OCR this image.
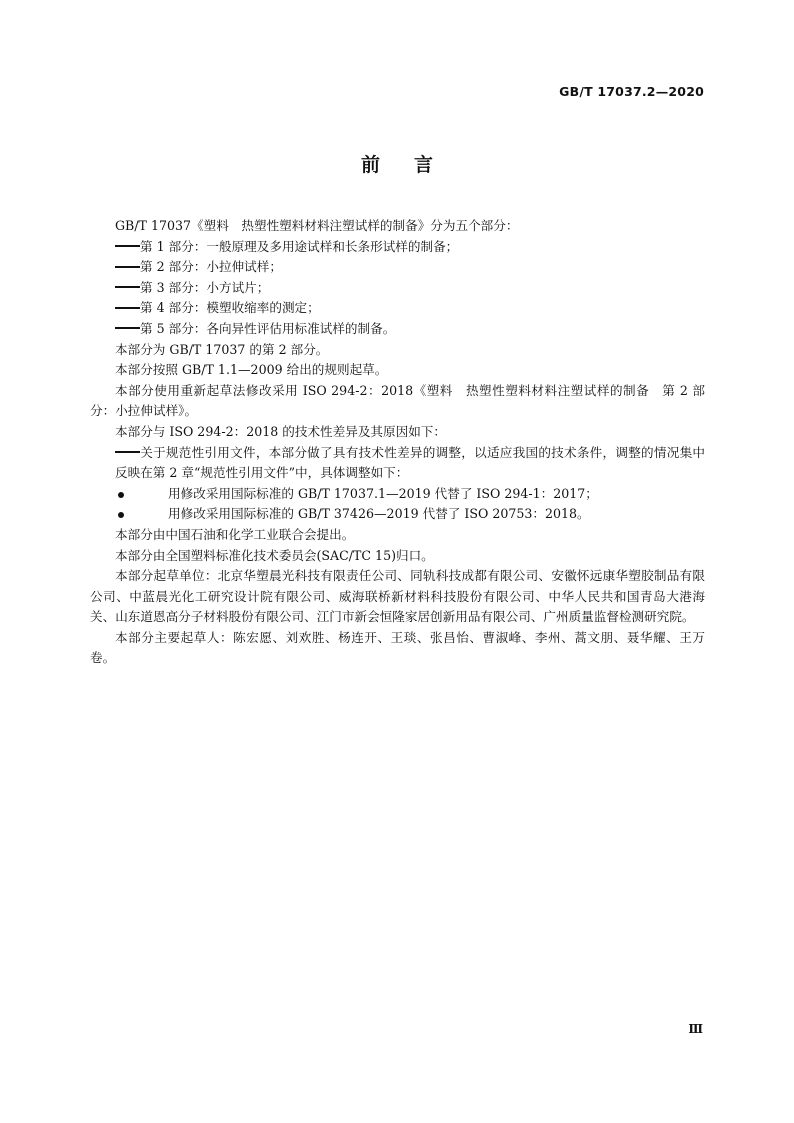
GB/T 17037.2—2020
前言

GB/T 17037《塑料　热塑性塑料材料注塑试样的制备》分为五个部分：

第 1 部分：一般原理及多用途试样和长条形试样的制备；

第 2 部分：小拉伸试样；

第 3 部分：小方试片；

第 4 部分：模塑收缩率的测定；

第 5 部分：各向异性评估用标准试样的制备。

本部分为 GB/T 17037 的第 2 部分。

本部分按照 GB/T 1.1—2009 给出的规则起草。

本部分使用重新起草法修改采用 ISO 294-2：2018《塑料　热塑性塑料材料注塑试样的制备　第 2 部分：小拉伸试样》。

本部分与 ISO 294-2：2018 的技术性差异及其原因如下：

关于规范性引用文件，本部分做了具有技术性差异的调整，以适应我国的技术条件，调整的情况集中反映在第 2 章“规范性引用文件”中，具体调整如下：

用修改采用国际标准的 GB/T 17037.1—2019 代替了 ISO 294-1：2017；

用修改采用国际标准的 GB/T 37426—2019 代替了 ISO 20753：2018。

本部分由中国石油和化学工业联合会提出。

本部分由全国塑料标准化技术委员会(SAC/TC 15)归口。

本部分起草单位：北京华塑晨光科技有限责任公司、同轨科技成都有限公司、安徽怀远康华塑胶制品有限公司、中蓝晨光化工研究设计院有限公司、威海联桥新材料科技股份有限公司、中华人民共和国青岛大港海关、山东道恩高分子材料股份有限公司、江门市新会恒隆家居创新用品有限公司、广州质量监督检测研究院。

本部分主要起草人：陈宏愿、刘欢胜、杨连开、王琰、张昌怡、曹淑峰、李州、蒿文朋、聂华耀、王万卷。

Ⅲ
